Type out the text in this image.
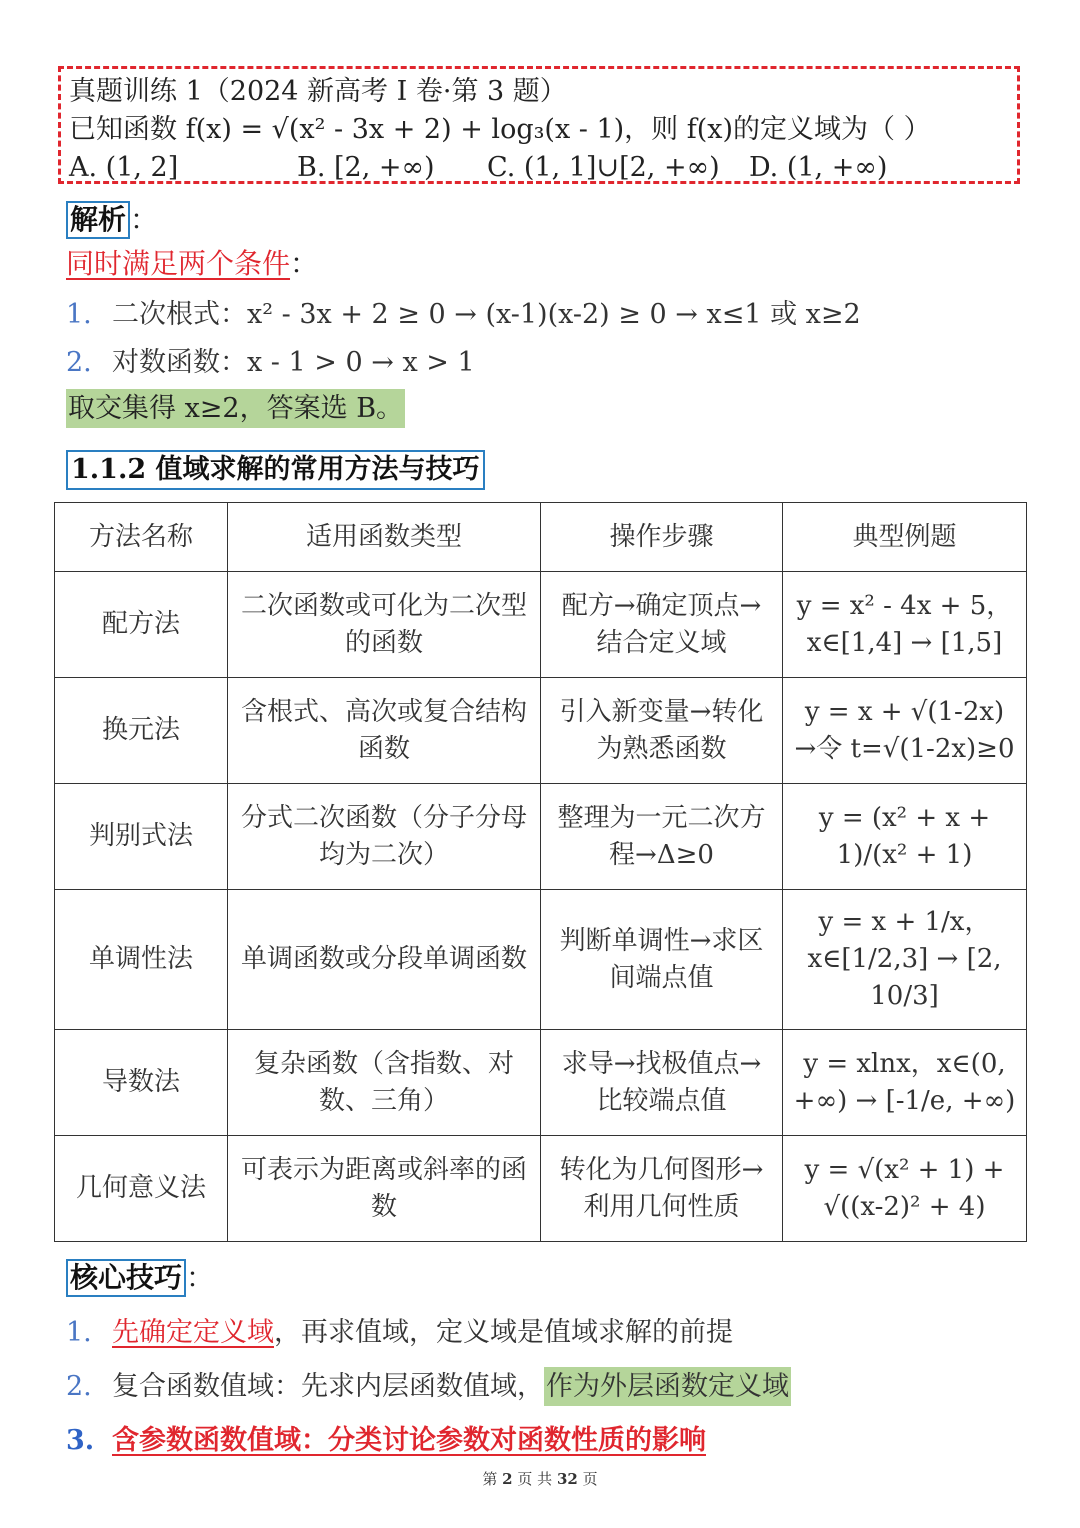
真题训练 1（2024 新高考 I 卷·第 3 题）
已知函数 f(x) = √(x² - 3x + 2) + log₃(x - 1)，则 f(x)的定义域为（ ）
A. (1, 2]	B. [2, +∞) C. (1, 1]∪[2, +∞) D. (1, +∞)
解析 ：
同时满足两个条件：
1. 二次根式：x² - 3x + 2 ≥ 0 → (x-1)(x-2) ≥ 0 → x≤1 或 x≥2
2. 对数函数：x - 1 > 0 → x > 1
取交集得 x≥2，答案选 B。
1.1.2 值域求解的常用方法与技巧
方法名称	适用函数类型	操作步骤	典型例题
配方法	二次函数或可化为二次型的函数	配方→确定顶点→结合定义域	y = x² - 4x + 5，x∈[1,4] → [1,5]
换元法	含根式、高次或复合结构函数	引入新变量→转化为熟悉函数	y = x + √(1-2x) →令 t=√(1-2x)≥0
判别式法	分式二次函数（分子分母均为二次）	整理为一元二次方程→Δ≥0	y = (x² + x + 1)/(x² + 1)
单调性法	单调函数或分段单调函数	判断单调性→求区间端点值	y = x + 1/x，x∈[1/2,3] → [2, 10/3]
导数法	复杂函数（含指数、对数、三角）	求导→找极值点→比较端点值	y = xlnx，x∈(0, +∞) → [-1/e, +∞)
几何意义法	可表示为距离或斜率的函数	转化为几何图形→利用几何性质	y = √(x² + 1) + √((x-2)² + 4)
核心技巧 ：
1. 先确定定义域，再求值域，定义域是值域求解的前提
2. 复合函数值域：先求内层函数值域，作为外层函数定义域
3. 含参数函数值域：分类讨论参数对函数性质的影响
第 2 页 共 32 页
